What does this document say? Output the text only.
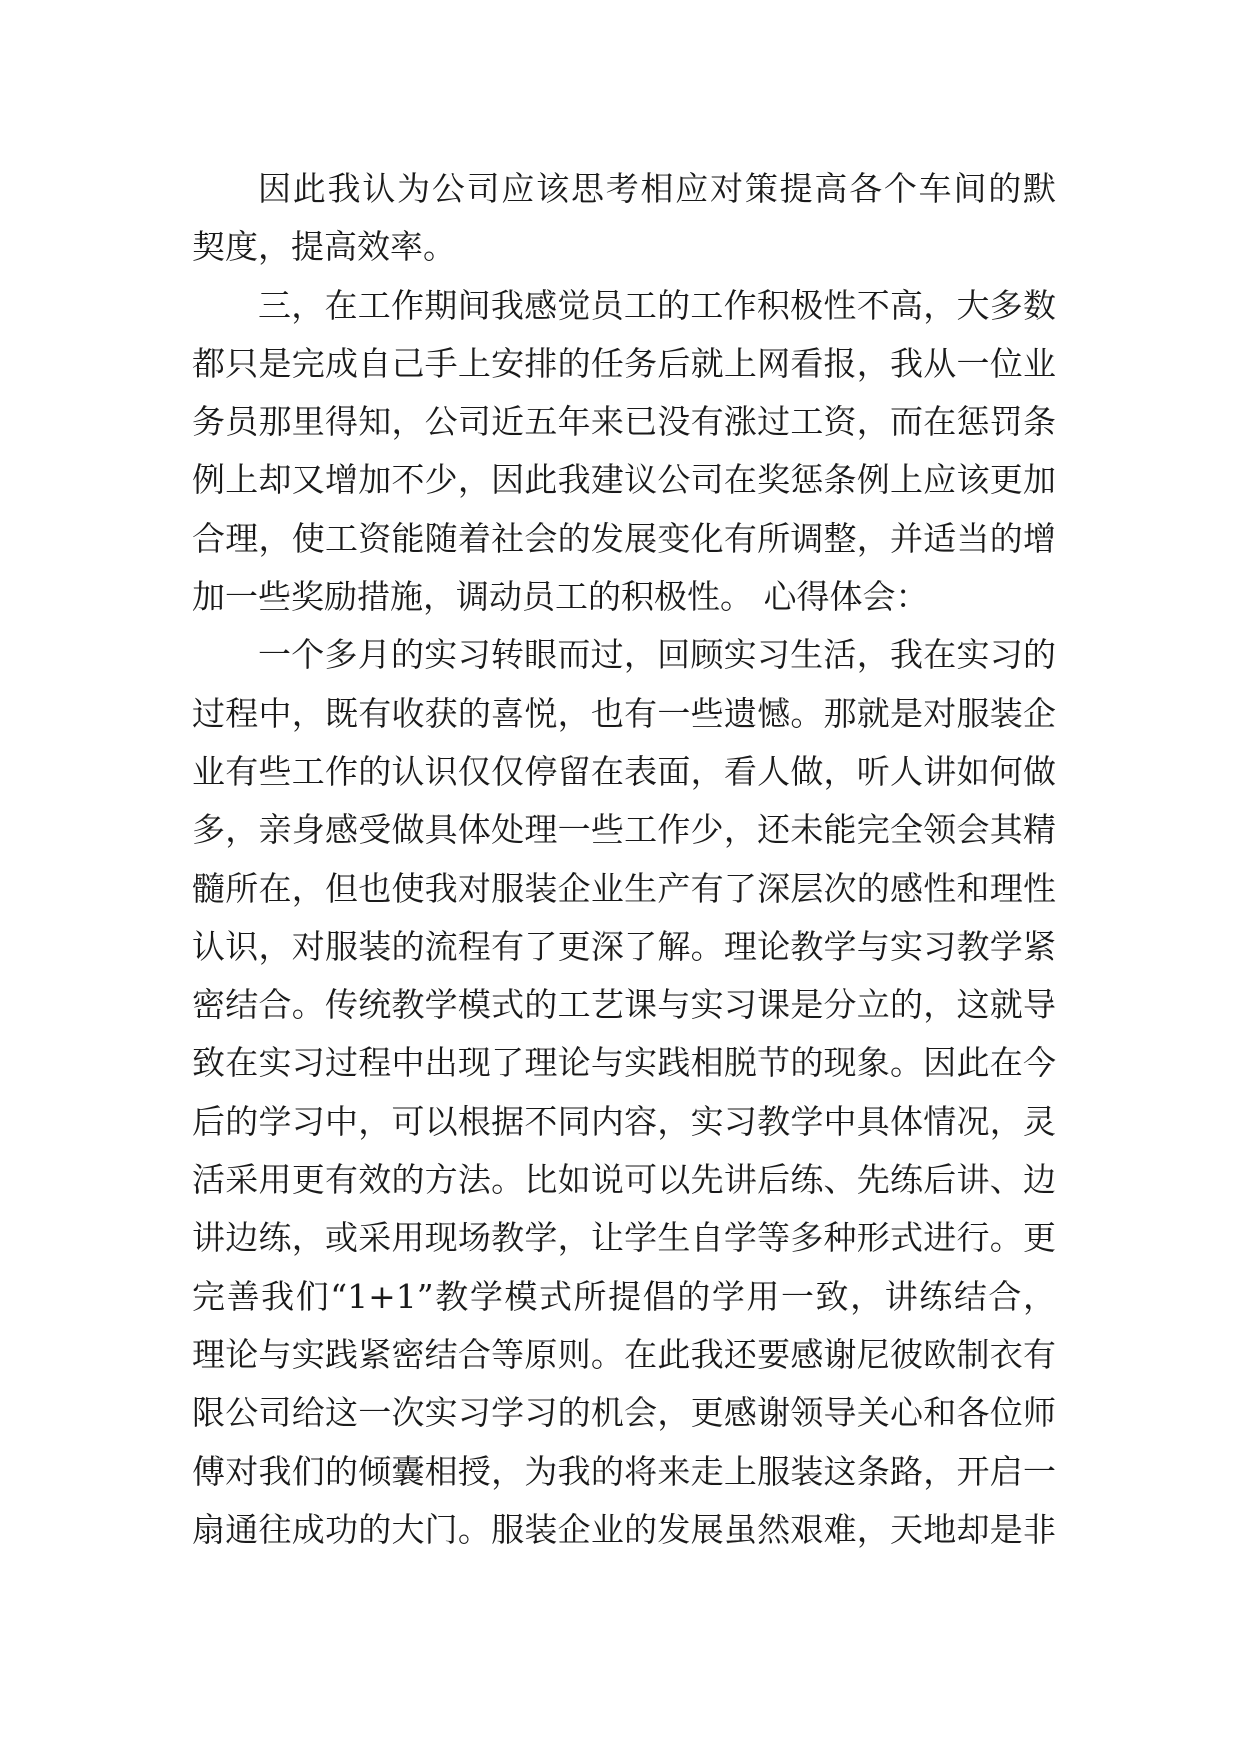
因此我认为公司应该思考相应对策提高各个车间的默
契度，提高效率。
三，在工作期间我感觉员工的工作积极性不高，大多数
都只是完成自己手上安排的任务后就上网看报，我从一位业
务员那里得知，公司近五年来已没有涨过工资，而在惩罚条
例上却又增加不少，因此我建议公司在奖惩条例上应该更加
合理，使工资能随着社会的发展变化有所调整，并适当的增
加一些奖励措施，调动员工的积极性。 心得体会：
一个多月的实习转眼而过，回顾实习生活，我在实习的
过程中，既有收获的喜悦，也有一些遗憾。那就是对服装企
业有些工作的认识仅仅停留在表面，看人做，听人讲如何做
多，亲身感受做具体处理一些工作少，还未能完全领会其精
髓所在，但也使我对服装企业生产有了深层次的感性和理性
认识，对服装的流程有了更深了解。理论教学与实习教学紧
密结合。传统教学模式的工艺课与实习课是分立的，这就导
致在实习过程中出现了理论与实践相脱节的现象。因此在今
后的学习中，可以根据不同内容，实习教学中具体情况，灵
活采用更有效的方法。比如说可以先讲后练、先练后讲、边
讲边练，或采用现场教学，让学生自学等多种形式进行。更
完善我们“1+1”教学模式所提倡的学用一致，讲练结合，
理论与实践紧密结合等原则。在此我还要感谢尼彼欧制衣有
限公司给这一次实习学习的机会，更感谢领导关心和各位师
傅对我们的倾囊相授，为我的将来走上服装这条路，开启一
扇通往成功的大门。服装企业的发展虽然艰难，天地却是非
